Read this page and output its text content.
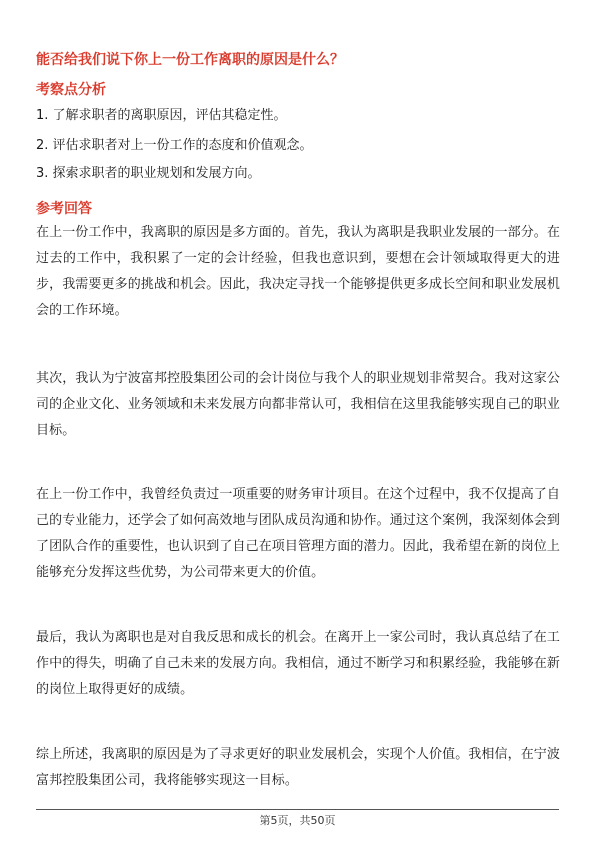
能否给我们说下你上一份工作离职的原因是什么？
考察点分析
1. 了解求职者的离职原因，评估其稳定性。
2. 评估求职者对上一份工作的态度和价值观念。
3. 探索求职者的职业规划和发展方向。
参考回答

在上一份工作中，我离职的原因是多方面的。首先，我认为离职是我职业发展的一部分。在过去的工作中，我积累了一定的会计经验，但我也意识到，要想在会计领域取得更大的进步，我需要更多的挑战和机会。因此，我决定寻找一个能够提供更多成长空间和职业发展机会的工作环境。

其次，我认为宁波富邦控股集团公司的会计岗位与我个人的职业规划非常契合。我对这家公司的企业文化、业务领域和未来发展方向都非常认可，我相信在这里我能够实现自己的职业目标。

在上一份工作中，我曾经负责过一项重要的财务审计项目。在这个过程中，我不仅提高了自己的专业能力，还学会了如何高效地与团队成员沟通和协作。通过这个案例，我深刻体会到了团队合作的重要性，也认识到了自己在项目管理方面的潜力。因此，我希望在新的岗位上能够充分发挥这些优势，为公司带来更大的价值。

最后，我认为离职也是对自我反思和成长的机会。在离开上一家公司时，我认真总结了在工作中的得失，明确了自己未来的发展方向。我相信，通过不断学习和积累经验，我能够在新的岗位上取得更好的成绩。

综上所述，我离职的原因是为了寻求更好的职业发展机会，实现个人价值。我相信，在宁波富邦控股集团公司，我将能够实现这一目标。

第5页，共50页
